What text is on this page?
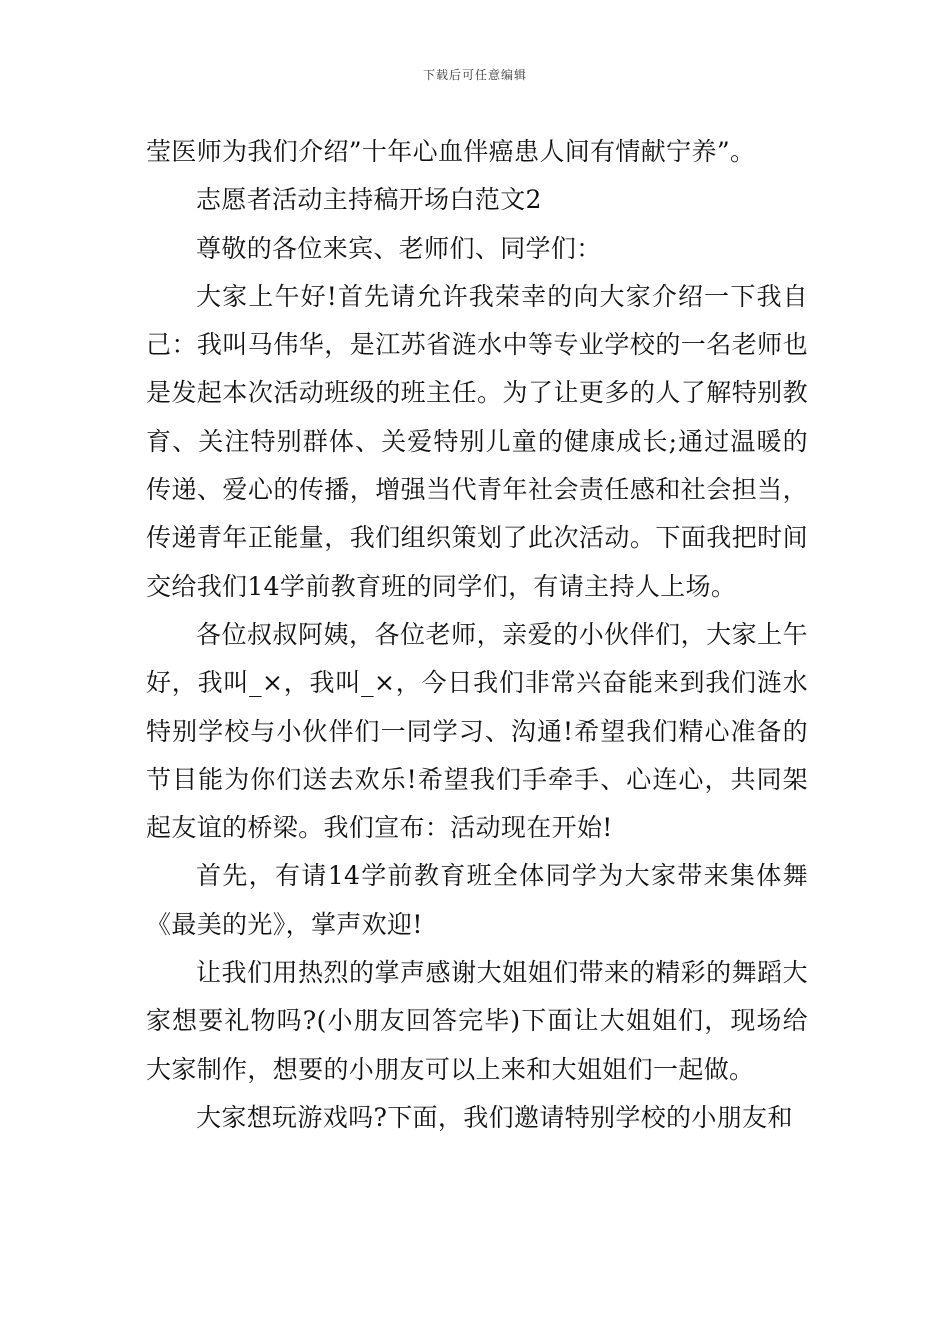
下载后可任意编辑

莹医师为我们介绍”十年心血伴癌患人间有情献宁养”。

志愿者活动主持稿开场白范文2

尊敬的各位来宾、老师们、同学们：

大家上午好!首先请允许我荣幸的向大家介绍一下我自己：我叫马伟华，是江苏省涟水中等专业学校的一名老师也是发起本次活动班级的班主任。为了让更多的人了解特别教育、关注特别群体、关爱特别儿童的健康成长;通过温暖的传递、爱心的传播，增强当代青年社会责任感和社会担当，传递青年正能量，我们组织策划了此次活动。下面我把时间交给我们14学前教育班的同学们，有请主持人上场。

各位叔叔阿姨，各位老师，亲爱的小伙伴们，大家上午好，我叫_×，我叫_×，今日我们非常兴奋能来到我们涟水特别学校与小伙伴们一同学习、沟通!希望我们精心准备的节目能为你们送去欢乐!希望我们手牵手、心连心，共同架起友谊的桥梁。我们宣布：活动现在开始!

首先，有请14学前教育班全体同学为大家带来集体舞《最美的光》，掌声欢迎!

让我们用热烈的掌声感谢大姐姐们带来的精彩的舞蹈大家想要礼物吗?(小朋友回答完毕)下面让大姐姐们，现场给大家制作，想要的小朋友可以上来和大姐姐们一起做。

大家想玩游戏吗?下面，我们邀请特别学校的小朋友和
